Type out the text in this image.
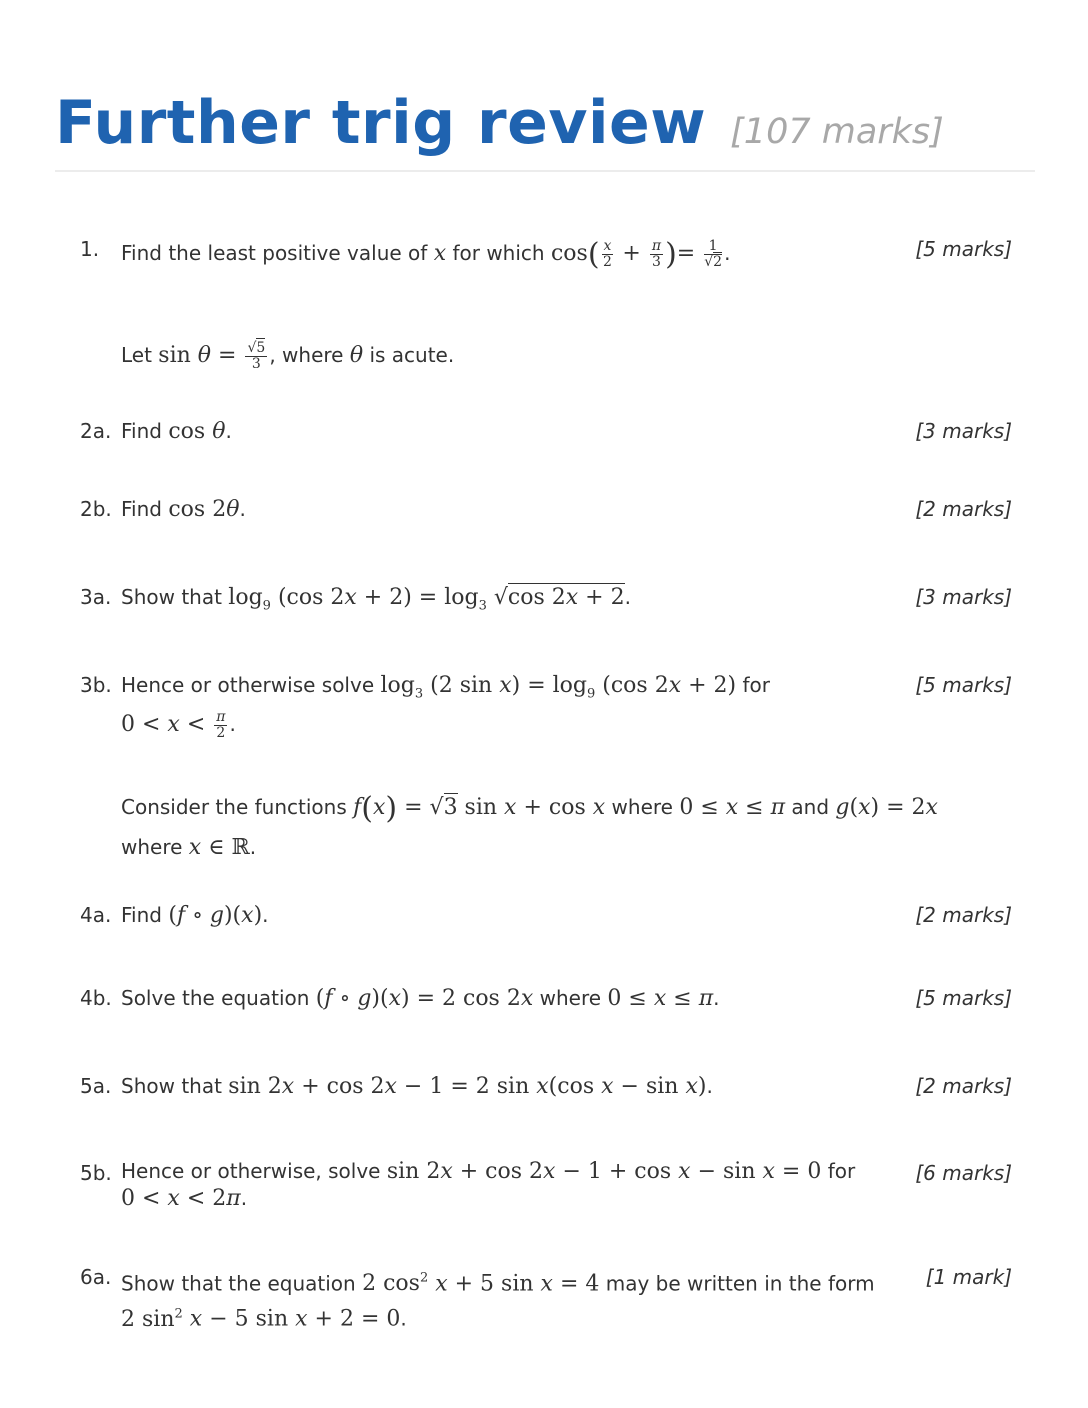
Further trig review [107 marks]
1. Find the least positive value of x for which $\cos( \frac{x}{2} + \frac{\pi}{3}$ )= $\frac{1}{√2}$ .	[5 marks]
Let $\sin \theta = \frac{√5}{3}$ , where θ is acute.
2a. Find cos θ.	[3 marks]
2b. Find cos 2θ.	[2 marks]
3a. Show that $\log_9 (\cos$ $2x + 2) = \log_3 √\cos$ 2x + 2.	[3 marks]
3b. Hence or otherwise solve $\log_3 (2$ $\sin x) = \log_9 (\cos$ 2x + 2) for
$0 < x < \frac{\pi}{2}$ .
[5 marks]
Consider the functions f(x) = √3 sin x + cos x where 0 ≤ x ≤ π and g(x) = 2x
where x ∈ ℝ.
4a. Find (f ∘ g)(x).	[2 marks]
4b. Solve the equation (f ∘ g)(x) = 2 cos 2x where 0 ≤ x ≤ π.	[5 marks]
5a. Show that sin 2x + cos 2x − 1 = 2 sin x(cos x − sin x).	[2 marks]
5b. Hence or otherwise, solve sin 2x + cos 2x − 1 + cos x − sin x = 0 for
0 < x < 2π.
[6 marks]
6a. Show that the equation 2 $\cos^2 x + 5$ sin x = 4 may be written in the form
2 $\sin^2 x - 5$ sin x + 2 = 0.
[1 mark]
